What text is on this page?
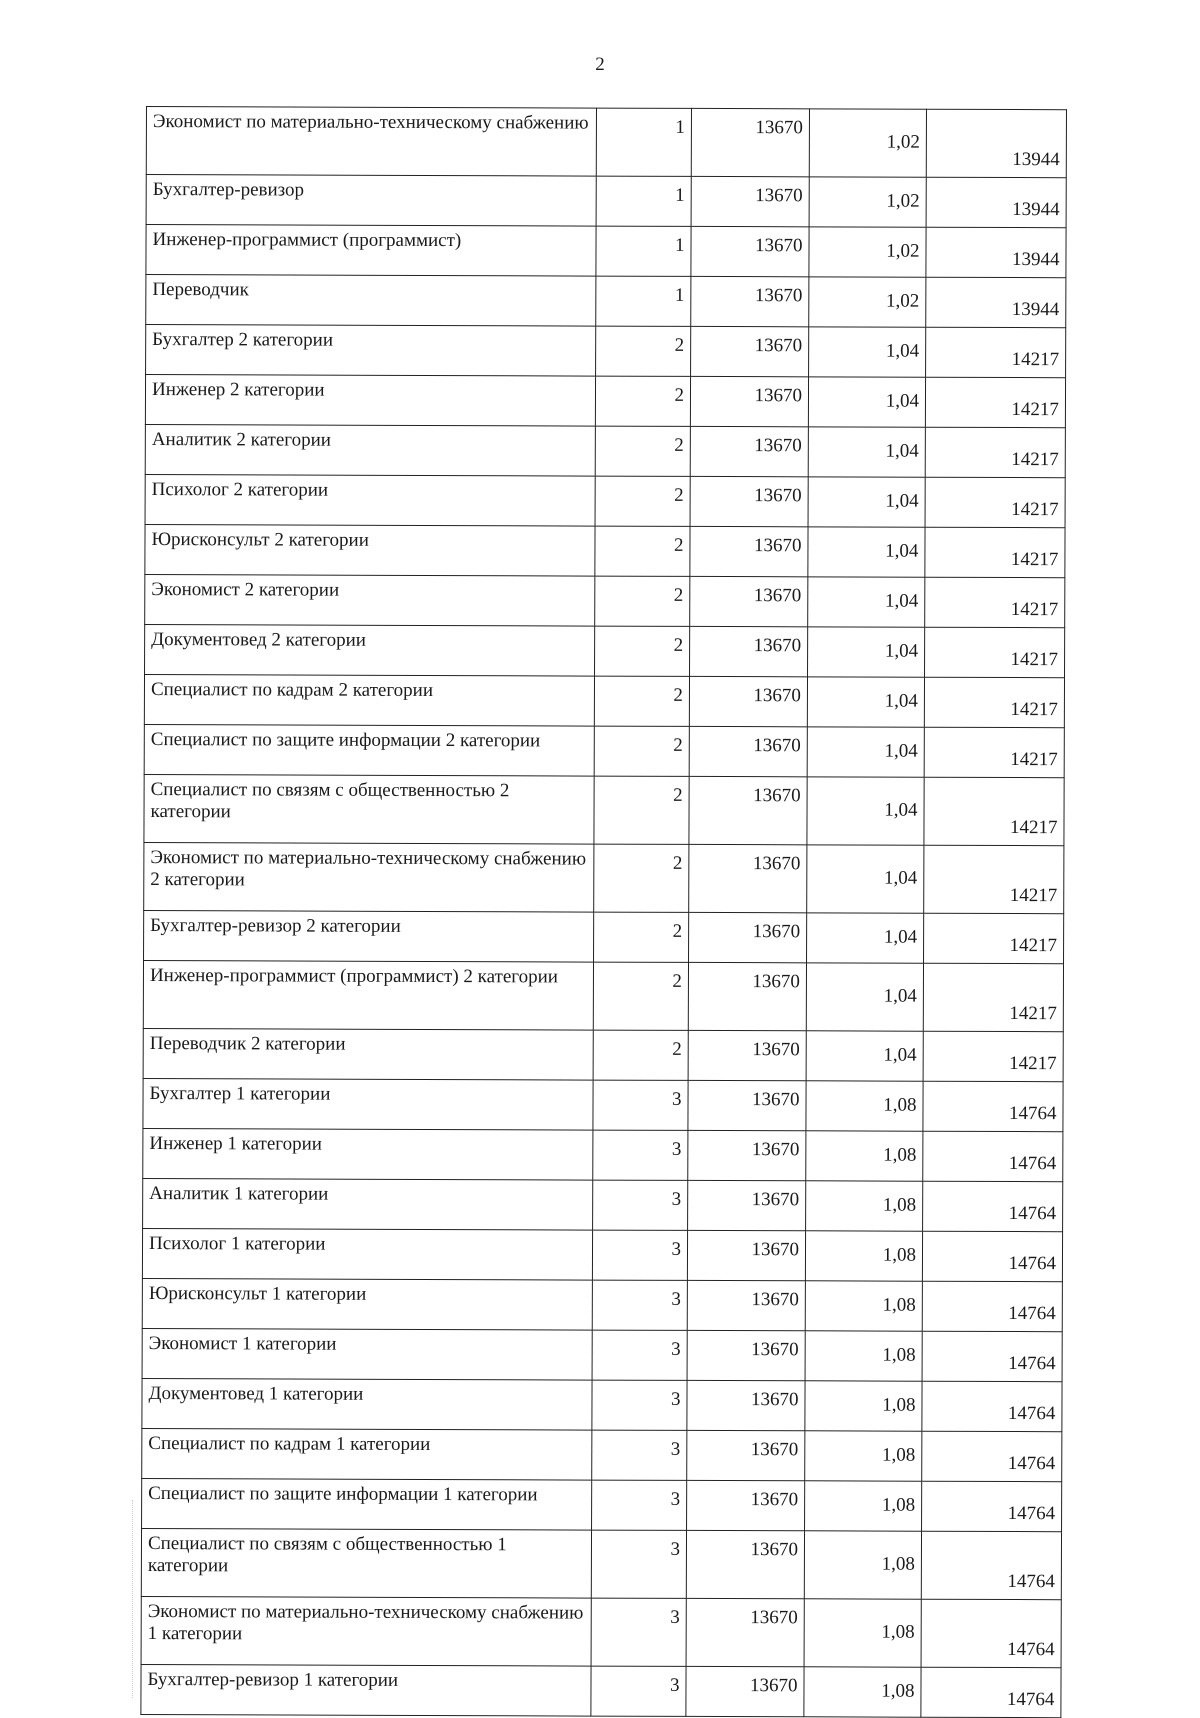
2
Экономист по материально-техническому снабжению	1	13670	1,02	13944
Бухгалтер-ревизор	1	13670	1,02	13944
Инженер-программист (программист)	1	13670	1,02	13944
Переводчик	1	13670	1,02	13944
Бухгалтер 2 категории	2	13670	1,04	14217
Инженер 2 категории	2	13670	1,04	14217
Аналитик 2 категории	2	13670	1,04	14217
Психолог 2 категории	2	13670	1,04	14217
Юрисконсульт 2 категории	2	13670	1,04	14217
Экономист 2 категории	2	13670	1,04	14217
Документовед 2 категории	2	13670	1,04	14217
Специалист по кадрам 2 категории	2	13670	1,04	14217
Специалист по защите информации 2 категории	2	13670	1,04	14217
Специалист по связям с общественностью 2 категории	2	13670	1,04	14217
Экономист по материально-техническому снабжению 2 категории	2	13670	1,04	14217
Бухгалтер-ревизор 2 категории	2	13670	1,04	14217
Инженер-программист (программист) 2 категории	2	13670	1,04	14217
Переводчик 2 категории	2	13670	1,04	14217
Бухгалтер 1 категории	3	13670	1,08	14764
Инженер 1 категории	3	13670	1,08	14764
Аналитик 1 категории	3	13670	1,08	14764
Психолог 1 категории	3	13670	1,08	14764
Юрисконсульт 1 категории	3	13670	1,08	14764
Экономист 1 категории	3	13670	1,08	14764
Документовед 1 категории	3	13670	1,08	14764
Специалист по кадрам 1 категории	3	13670	1,08	14764
Специалист по защите информации 1 категории	3	13670	1,08	14764
Специалист по связям с общественностью 1 категории	3	13670	1,08	14764
Экономист по материально-техническому снабжению 1 категории	3	13670	1,08	14764
Бухгалтер-ревизор 1 категории	3	13670	1,08	14764
